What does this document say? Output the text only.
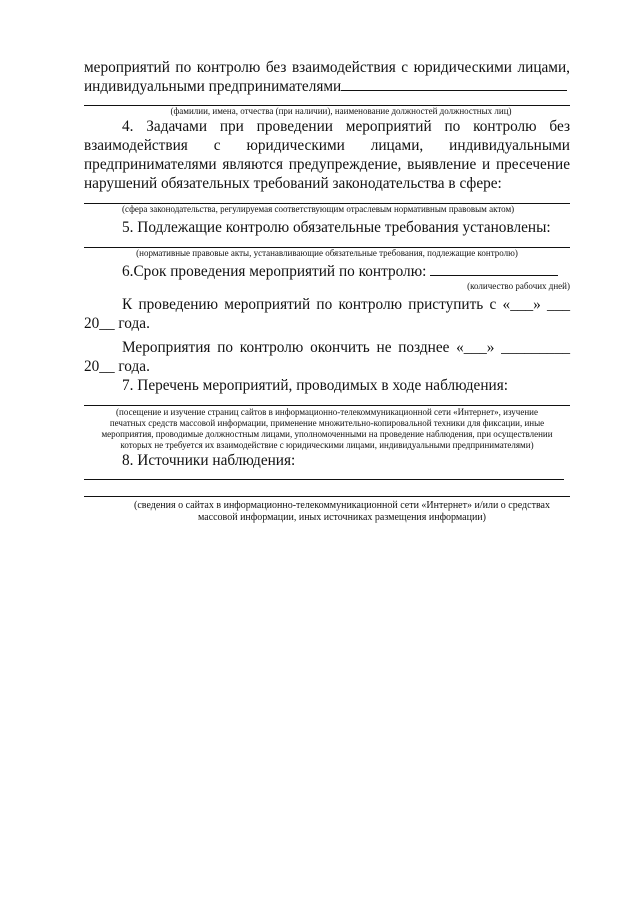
мероприятий по контролю без взаимодействия с юридическими лицами,

индивидуальными предпринимателями

(фамилии, имена, отчества (при наличии), наименование должностей должностных лиц)

4. Задачами при проведении мероприятий по контролю без взаимодействия с юридическими лицами, индивидуальными предпринимателями являются предупреждение, выявление и пресечение нарушений обязательных требований законодательства в сфере:

(сфера законодательства, регулируемая соответствующим отраслевым нормативным правовым актом)

5. Подлежащие контролю обязательные требования установлены:

(нормативные правовые акты, устанавливающие обязательные требования, подлежащие контролю)

6.Срок проведения мероприятий по контролю:

(количество рабочих дней)

К проведению мероприятий по контролю приступить с «___» ___

20__ года.

Мероприятия по контролю окончить не позднее «___» _________

20__ года.

7. Перечень мероприятий, проводимых в ходе наблюдения:

(посещение и изучение страниц сайтов в информационно-телекоммуникационной сети «Интернет», изучение печатных средств массовой информации, применение множительно-копировальной техники для фиксации, иные мероприятия, проводимые должностным лицами, уполномоченными на проведение наблюдения, при осуществлении которых не требуется их взаимодействие с юридическими лицами, индивидуальными предпринимателями)

8. Источники наблюдения:

(сведения о сайтах в информационно-телекоммуникационной сети «Интернет» и/или о средствах массовой информации, иных источниках размещения информации)
